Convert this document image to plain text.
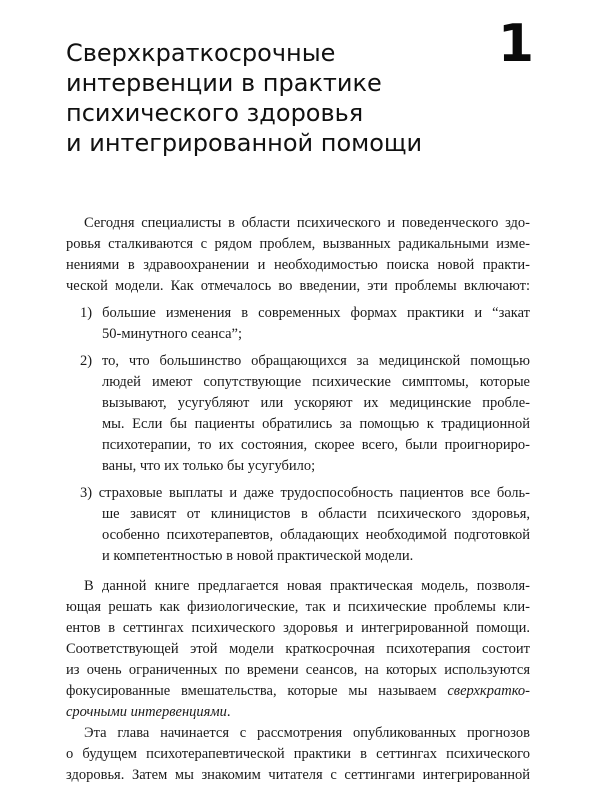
Сверхкраткосрочные
интервенции в практике
психического здоровья
и интегрированной помощи
1
Сегодня специалисты в области психического и поведенческого здо-
ровья сталкиваются с рядом проблем, вызванных радикальными изме-
нениями в здравоохранении и необходимостью поиска новой практи-
ческой модели. Как отмечалось во введении, эти проблемы включают:
1) большие изменения в современных формах практики и “закат
50-минутного сеанса”;
2) то, что большинство обращающихся за медицинской помощью
людей имеют сопутствующие психические симптомы, которые
вызывают, усугубляют или ускоряют их медицинские пробле-
мы. Если бы пациенты обратились за помощью к традиционной
психотерапии, то их состояния, скорее всего, были проигнориро-
ваны, что их только бы усугубило;
3) страховые выплаты и даже трудоспособность пациентов все боль-
ше зависят от клиницистов в области психического здоровья,
особенно психотерапевтов, обладающих необходимой подготовкой
и компетентностью в новой практической модели.
В данной книге предлагается новая практическая модель, позволя-
ющая решать как физиологические, так и психические проблемы кли-
ентов в сеттингах психического здоровья и интегрированной помощи.
Соответствующей этой модели краткосрочная психотерапия состоит
из очень ограниченных по времени сеансов, на которых используются
фокусированные вмешательства, которые мы называем сверхкратко-
срочными интервенциями.
Эта глава начинается с рассмотрения опубликованных прогнозов
о будущем психотерапевтической практики в сеттингах психического
здоровья. Затем мы знакомим читателя с сеттингами интегрированной
